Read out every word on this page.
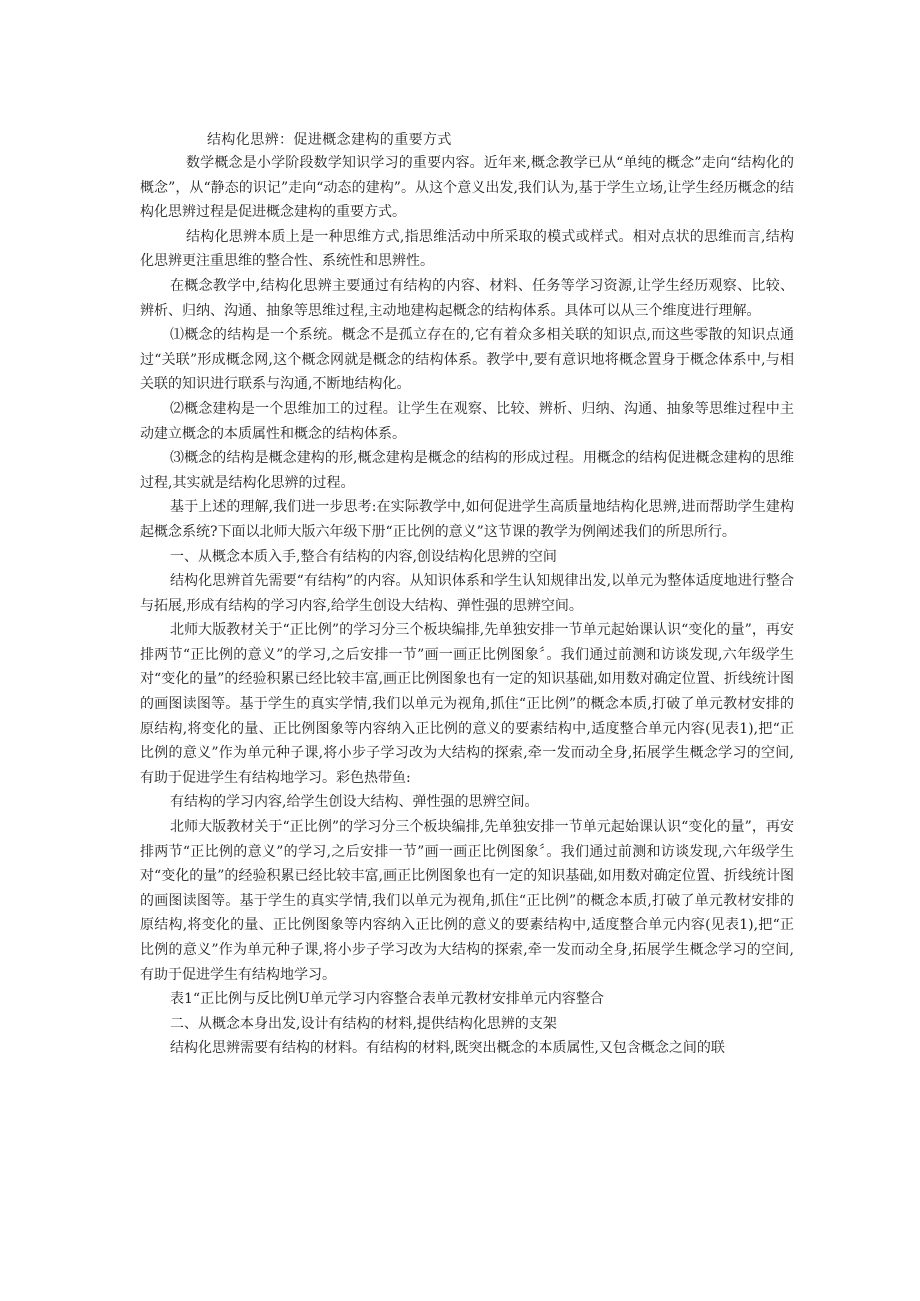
结构化思辨：促进概念建构的重要方式

数学概念是小学阶段数学知识学习的重要内容。近年来,概念教学已从“单纯的概念”走向“结构化的概念”，从“静态的识记”走向“动态的建构”。从这个意义出发,我们认为,基于学生立场,让学生经历概念的结构化思辨过程是促进概念建构的重要方式。

结构化思辨本质上是一种思维方式,指思维活动中所采取的模式或样式。相对点状的思维而言,结构化思辨更注重思维的整合性、系统性和思辨性。

在概念教学中,结构化思辨主要通过有结构的内容、材料、任务等学习资源,让学生经历观察、比较、辨析、归纳、沟通、抽象等思维过程,主动地建构起概念的结构体系。具体可以从三个维度进行理解。

⑴概念的结构是一个系统。概念不是孤立存在的,它有着众多相关联的知识点,而这些零散的知识点通过“关联”形成概念网,这个概念网就是概念的结构体系。教学中,要有意识地将概念置身于概念体系中,与相关联的知识进行联系与沟通,不断地结构化。

⑵概念建构是一个思维加工的过程。让学生在观察、比较、辨析、归纳、沟通、抽象等思维过程中主动建立概念的本质属性和概念的结构体系。

⑶概念的结构是概念建构的形,概念建构是概念的结构的形成过程。用概念的结构促进概念建构的思维过程,其实就是结构化思辨的过程。

基于上述的理解,我们进一步思考:在实际教学中,如何促进学生高质量地结构化思辨,进而帮助学生建构起概念系统?下面以北师大版六年级下册“正比例的意义”这节课的教学为例阐述我们的所思所行。

一、从概念本质入手,整合有结构的内容,创设结构化思辨的空间

结构化思辨首先需要“有结构”的内容。从知识体系和学生认知规律出发,以单元为整体适度地进行整合与拓展,形成有结构的学习内容,给学生创设大结构、弹性强的思辨空间。

北师大版教材关于“正比例”的学习分三个板块编排,先单独安排一节单元起始课认识“变化的量”，再安排两节“正比例的意义”的学习,之后安排一节”画一画正比例图象〞。我们通过前测和访谈发现,六年级学生对“变化的量”的经验积累已经比较丰富,画正比例图象也有一定的知识基础,如用数对确定位置、折线统计图的画图读图等。基于学生的真实学情,我们以单元为视角,抓住“正比例”的概念本质,打破了单元教材安排的原结构,将变化的量、正比例图象等内容纳入正比例的意义的要素结构中,适度整合单元内容(见表1),把“正比例的意义”作为单元种子课,将小步子学习改为大结构的探索,牵一发而动全身,拓展学生概念学习的空间,有助于促进学生有结构地学习。彩色热带鱼:

有结构的学习内容,给学生创设大结构、弹性强的思辨空间。

北师大版教材关于“正比例”的学习分三个板块编排,先单独安排一节单元起始课认识“变化的量”，再安排两节“正比例的意义”的学习,之后安排一节”画一画正比例图象〞。我们通过前测和访谈发现,六年级学生对“变化的量”的经验积累已经比较丰富,画正比例图象也有一定的知识基础,如用数对确定位置、折线统计图的画图读图等。基于学生的真实学情,我们以单元为视角,抓住“正比例”的概念本质,打破了单元教材安排的原结构,将变化的量、正比例图象等内容纳入正比例的意义的要素结构中,适度整合单元内容(见表1),把“正比例的意义”作为单元种子课,将小步子学习改为大结构的探索,牵一发而动全身,拓展学生概念学习的空间,有助于促进学生有结构地学习。

表1“正比例与反比例U单元学习内容整合表单元教材安排单元内容整合

二、从概念本身出发,设计有结构的材料,提供结构化思辨的支架

结构化思辨需要有结构的材料。有结构的材料,既突出概念的本质属性,又包含概念之间的联
